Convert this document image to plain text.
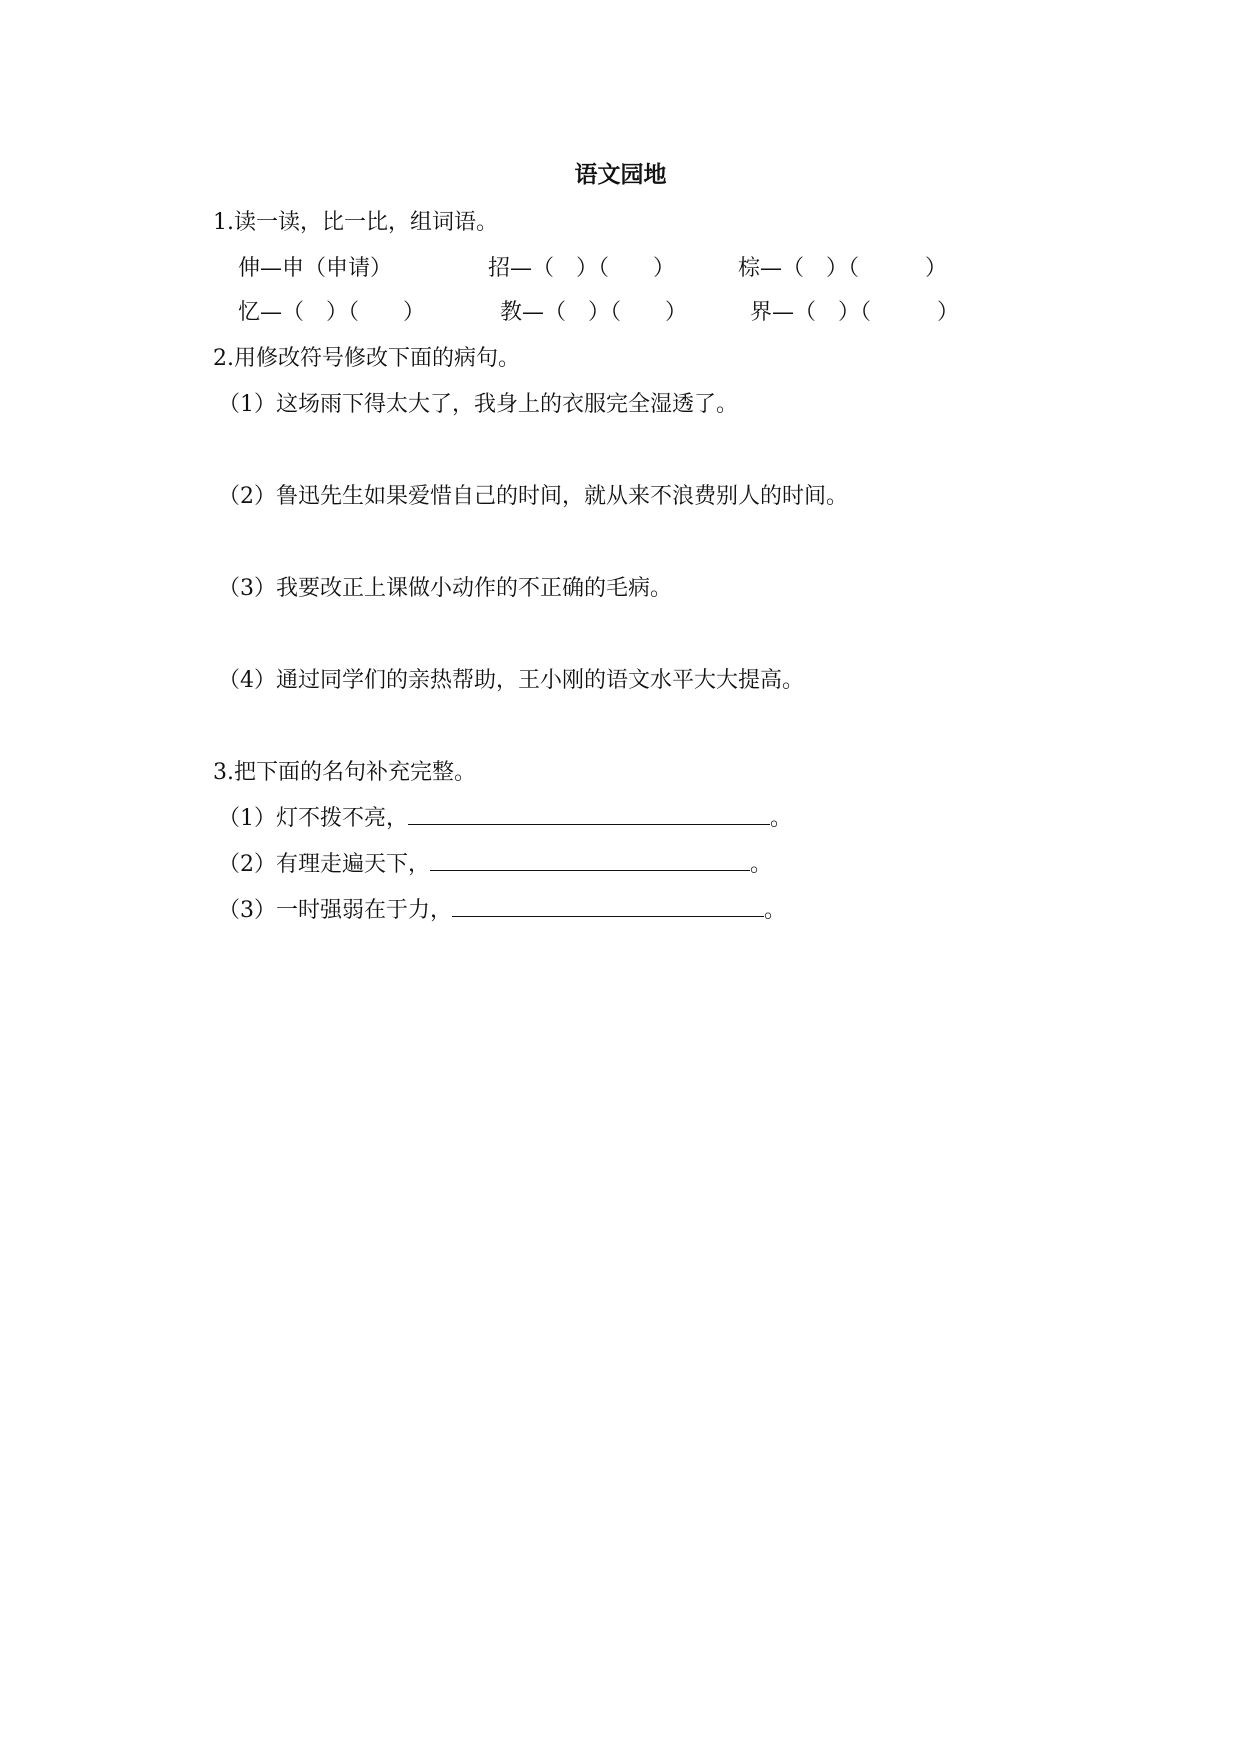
语文园地
1.读一读，比一比，组词语。
伸—申（申请）	招—（　）（　　）	棕—（　）（　　　）
忆—（　）（　　）	教—（　）（　　）	界—（　）（　　　）
2.用修改符号修改下面的病句。
（1）这场雨下得太大了，我身上的衣服完全湿透了。
（2）鲁迅先生如果爱惜自己的时间，就从来不浪费别人的时间。
（3）我要改正上课做小动作的不正确的毛病。
（4）通过同学们的亲热帮助，王小刚的语文水平大大提高。
3.把下面的名句补充完整。
（1）灯不拨不亮，	。
（2）有理走遍天下，	。
（3）一时强弱在于力，	。
